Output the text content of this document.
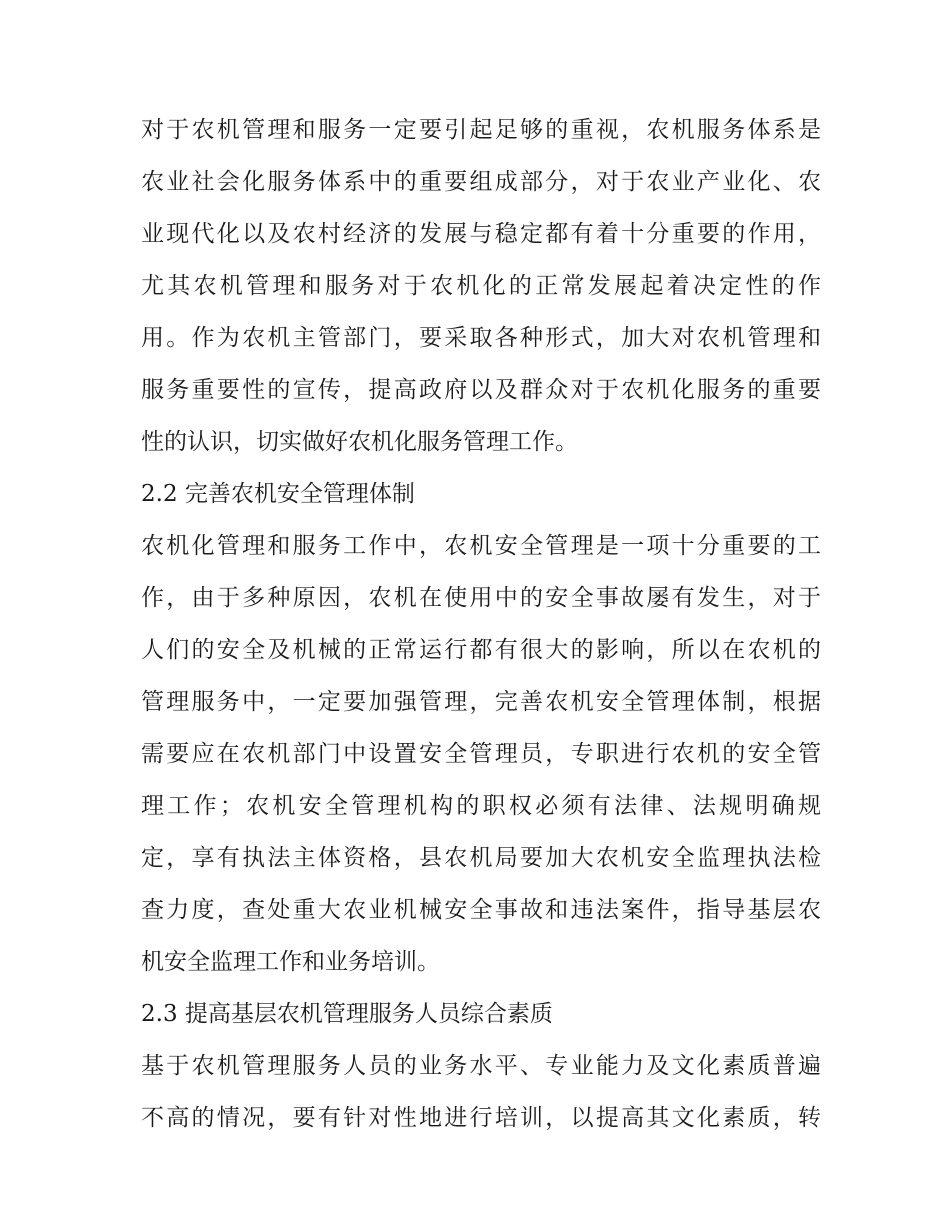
对于农机管理和服务一定要引起足够的重视，农机服务体系是
农业社会化服务体系中的重要组成部分，对于农业产业化、农
业现代化以及农村经济的发展与稳定都有着十分重要的作用，
尤其农机管理和服务对于农机化的正常发展起着决定性的作
用。作为农机主管部门，要采取各种形式，加大对农机管理和
服务重要性的宣传，提高政府以及群众对于农机化服务的重要
性的认识，切实做好农机化服务管理工作。
2.2 完善农机安全管理体制
农机化管理和服务工作中，农机安全管理是一项十分重要的工
作，由于多种原因，农机在使用中的安全事故屡有发生，对于
人们的安全及机械的正常运行都有很大的影响，所以在农机的
管理服务中，一定要加强管理，完善农机安全管理体制，根据
需要应在农机部门中设置安全管理员，专职进行农机的安全管
理工作；农机安全管理机构的职权必须有法律、法规明确规
定，享有执法主体资格，县农机局要加大农机安全监理执法检
查力度，查处重大农业机械安全事故和违法案件，指导基层农
机安全监理工作和业务培训。
2.3 提高基层农机管理服务人员综合素质
基于农机管理服务人员的业务水平、专业能力及文化素质普遍
不高的情况，要有针对性地进行培训，以提高其文化素质，转
